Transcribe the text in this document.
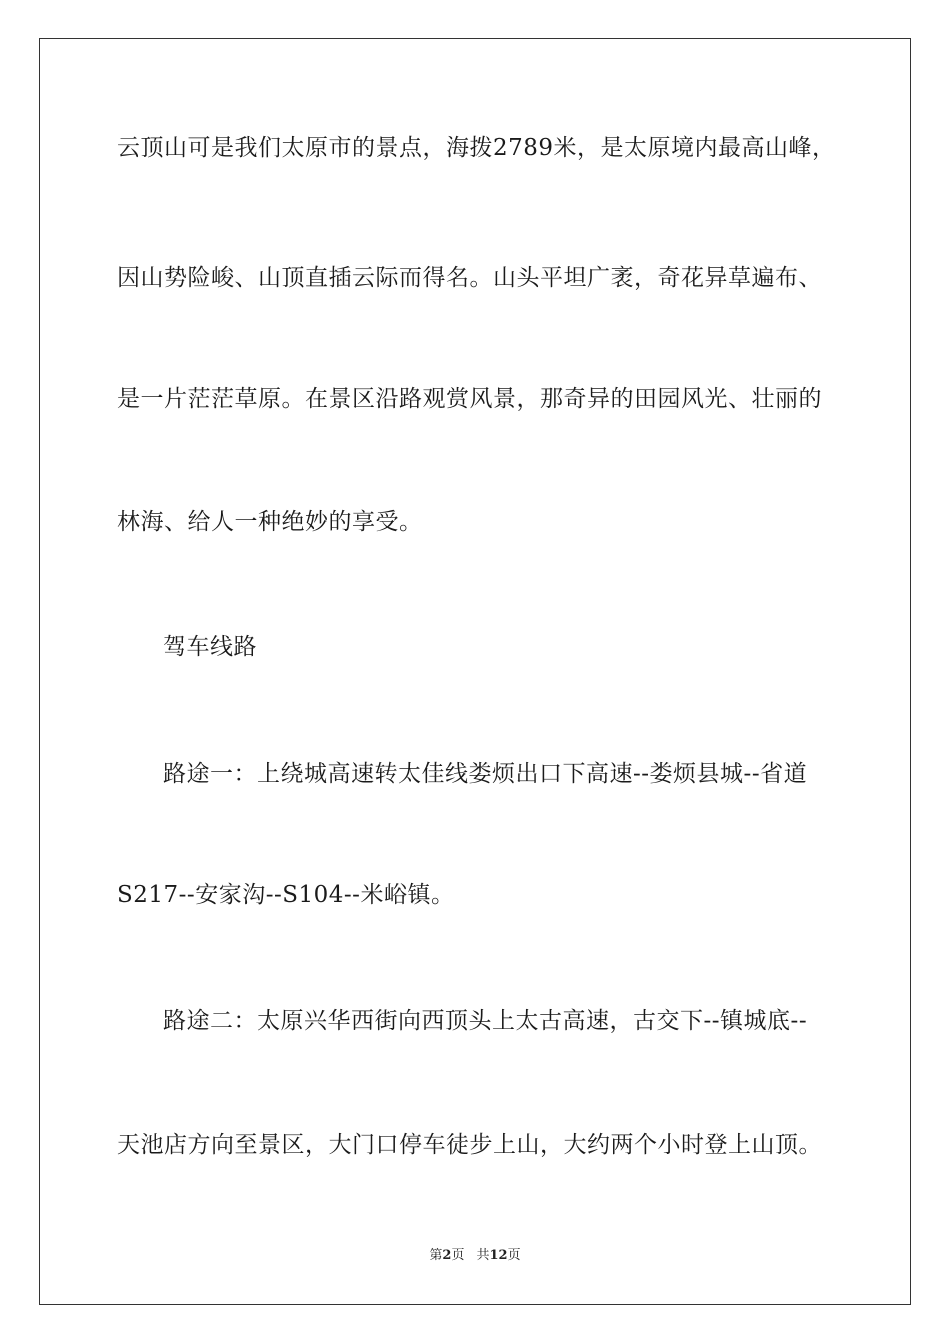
云顶山可是我们太原市的景点，海拨2789米，是太原境内最高山峰，
因山势险峻、山顶直插云际而得名。山头平坦广袤，奇花异草遍布、
是一片茫茫草原。在景区沿路观赏风景，那奇异的田园风光、壮丽的
林海、给人一种绝妙的享受。
驾车线路
路途一：上绕城高速转太佳线娄烦出口下高速--娄烦县城--省道
S217--安家沟--S104--米峪镇。
路途二：太原兴华西街向西顶头上太古高速，古交下--镇城底--
天池店方向至景区，大门口停车徒步上山，大约两个小时登上山顶。
第2页 共12页
